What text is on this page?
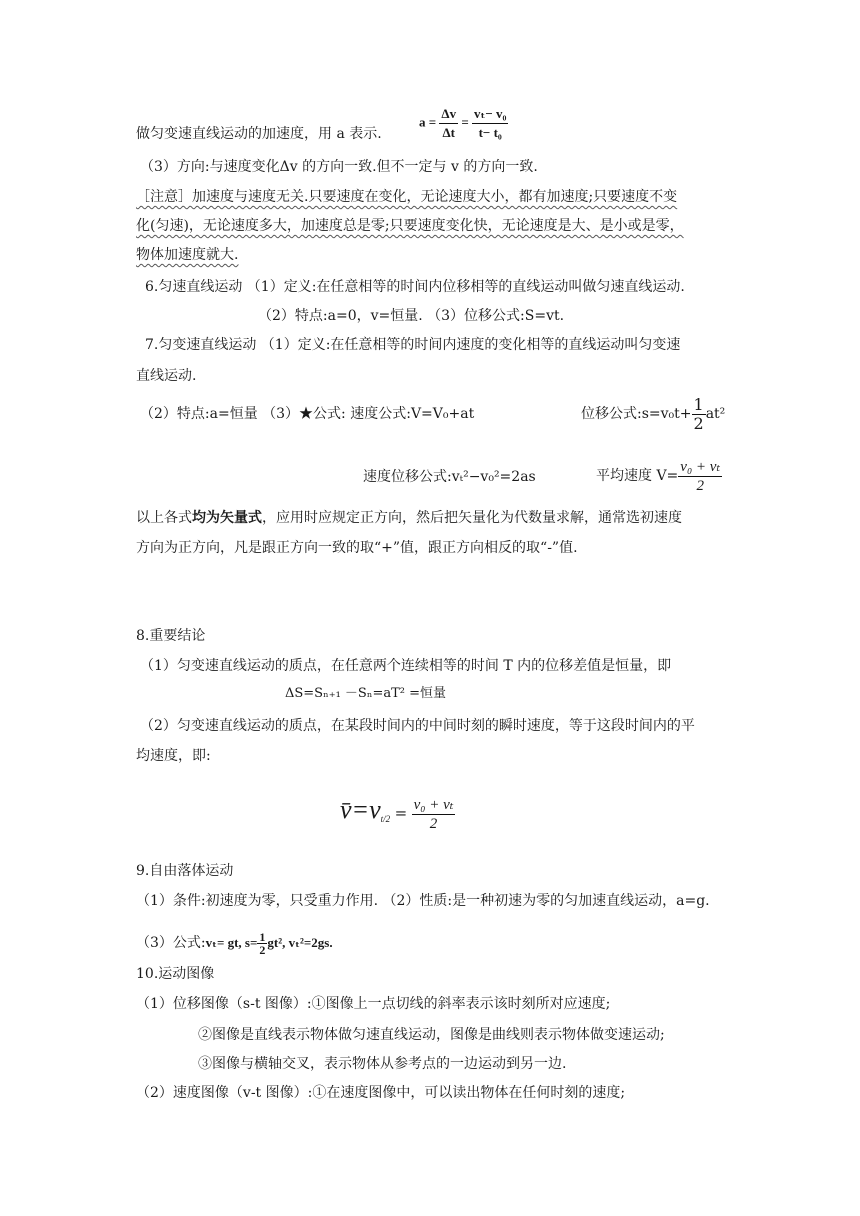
做匀变速直线运动的加速度，用 a 表示.
$a = \frac{\Delta v}{\Delta t} = \frac{\text{vₜ− v₀}}{\text{t− t₀}}$
（3）方向:与速度变化Δv 的方向一致.但不一定与 v 的方向一致.
［注意］加速度与速度无关.只要速度在变化，无论速度大小，都有加速度;只要速度不变
化(匀速)，无论速度多大，加速度总是零;只要速度变化快，无论速度是大、是小或是零，
物体加速度就大.
6.匀速直线运动 （1）定义:在任意相等的时间内位移相等的直线运动叫做匀速直线运动.
（2）特点:a=0，v=恒量. （3）位移公式:S=vt.
7.匀变速直线运动 （1）定义:在任意相等的时间内速度的变化相等的直线运动叫匀变速
直线运动.
（2）特点:a=恒量 （3）★公式: 速度公式:V=V₀+at	位移公式:s=v₀t+ $\frac{1}{2} at^2$
速度位移公式:vₜ²−v₀²=2as	平均速度 $V= \frac{\text{v₀ + vₜ}}{2}$
以上各式均为矢量式，应用时应规定正方向，然后把矢量化为代数量求解，通常选初速度
方向为正方向，凡是跟正方向一致的取“+”值，跟正方向相反的取“-”值.
8.重要结论
（1）匀变速直线运动的质点，在任意两个连续相等的时间 T 内的位移差值是恒量，即
ΔS=Sₙ₊₁ －Sₙ=aT² =恒量
（2）匀变速直线运动的质点，在某段时间内的中间时刻的瞬时速度，等于这段时间内的平
均速度，即:
$v̄=v_{t/2} = \frac{\text{v₀ + vₜ}}{2}$
9.自由落体运动
（1）条件:初速度为零，只受重力作用. （2）性质:是一种初速为零的匀加速直线运动，a=g.
（3）公式:vₜ= gt, $s= \frac{1}{2} gt^2$, vₜ²=2gs.
10.运动图像
（1）位移图像（s-t 图像）:①图像上一点切线的斜率表示该时刻所对应速度;
②图像是直线表示物体做匀速直线运动，图像是曲线则表示物体做变速运动;
③图像与横轴交叉，表示物体从参考点的一边运动到另一边.
（2）速度图像（v-t 图像）:①在速度图像中，可以读出物体在任何时刻的速度;
